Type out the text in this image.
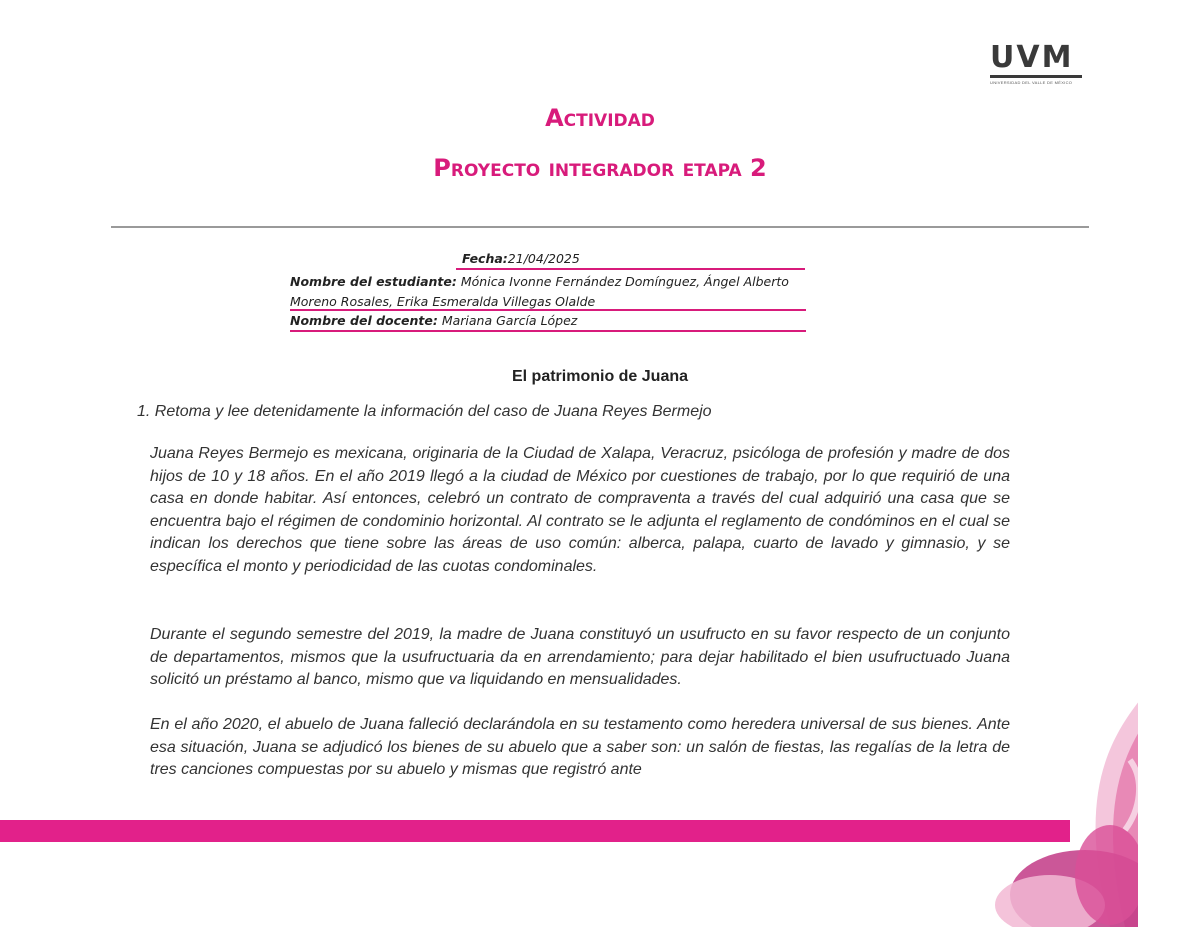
UVM
UNIVERSIDAD DEL VALLE DE MÉXICO
Actividad
Proyecto integrador etapa 2
Fecha:21/04/2025
Nombre del estudiante: Mónica Ivonne Fernández Domínguez, Ángel Alberto Moreno Rosales, Erika Esmeralda Villegas Olalde
Nombre del docente: Mariana García López
El patrimonio de Juana
1. Retoma y lee detenidamente la información del caso de Juana Reyes Bermejo
Juana Reyes Bermejo es mexicana, originaria de la Ciudad de Xalapa, Veracruz, psicóloga de profesión y madre de dos hijos de 10 y 18 años. En el año 2019 llegó a la ciudad de México por cuestiones de trabajo, por lo que requirió de una casa en donde habitar. Así entonces, celebró un contrato de compraventa a través del cual adquirió una casa que se encuentra bajo el régimen de condominio horizontal. Al contrato se le adjunta el reglamento de condóminos en el cual se indican los derechos que tiene sobre las áreas de uso común: alberca, palapa, cuarto de lavado y gimnasio, y se específica el monto y periodicidad de las cuotas condominales.
Durante el segundo semestre del 2019, la madre de Juana constituyó un usufructo en su favor respecto de un conjunto de departamentos, mismos que la usufructuaria da en arrendamiento; para dejar habilitado el bien usufructuado Juana solicitó un préstamo al banco, mismo que va liquidando en mensualidades.
En el año 2020, el abuelo de Juana falleció declarándola en su testamento como heredera universal de sus bienes. Ante esa situación, Juana se adjudicó los bienes de su abuelo que a saber son: un salón de fiestas, las regalías de la letra de tres canciones compuestas por su abuelo y mismas que registró ante
